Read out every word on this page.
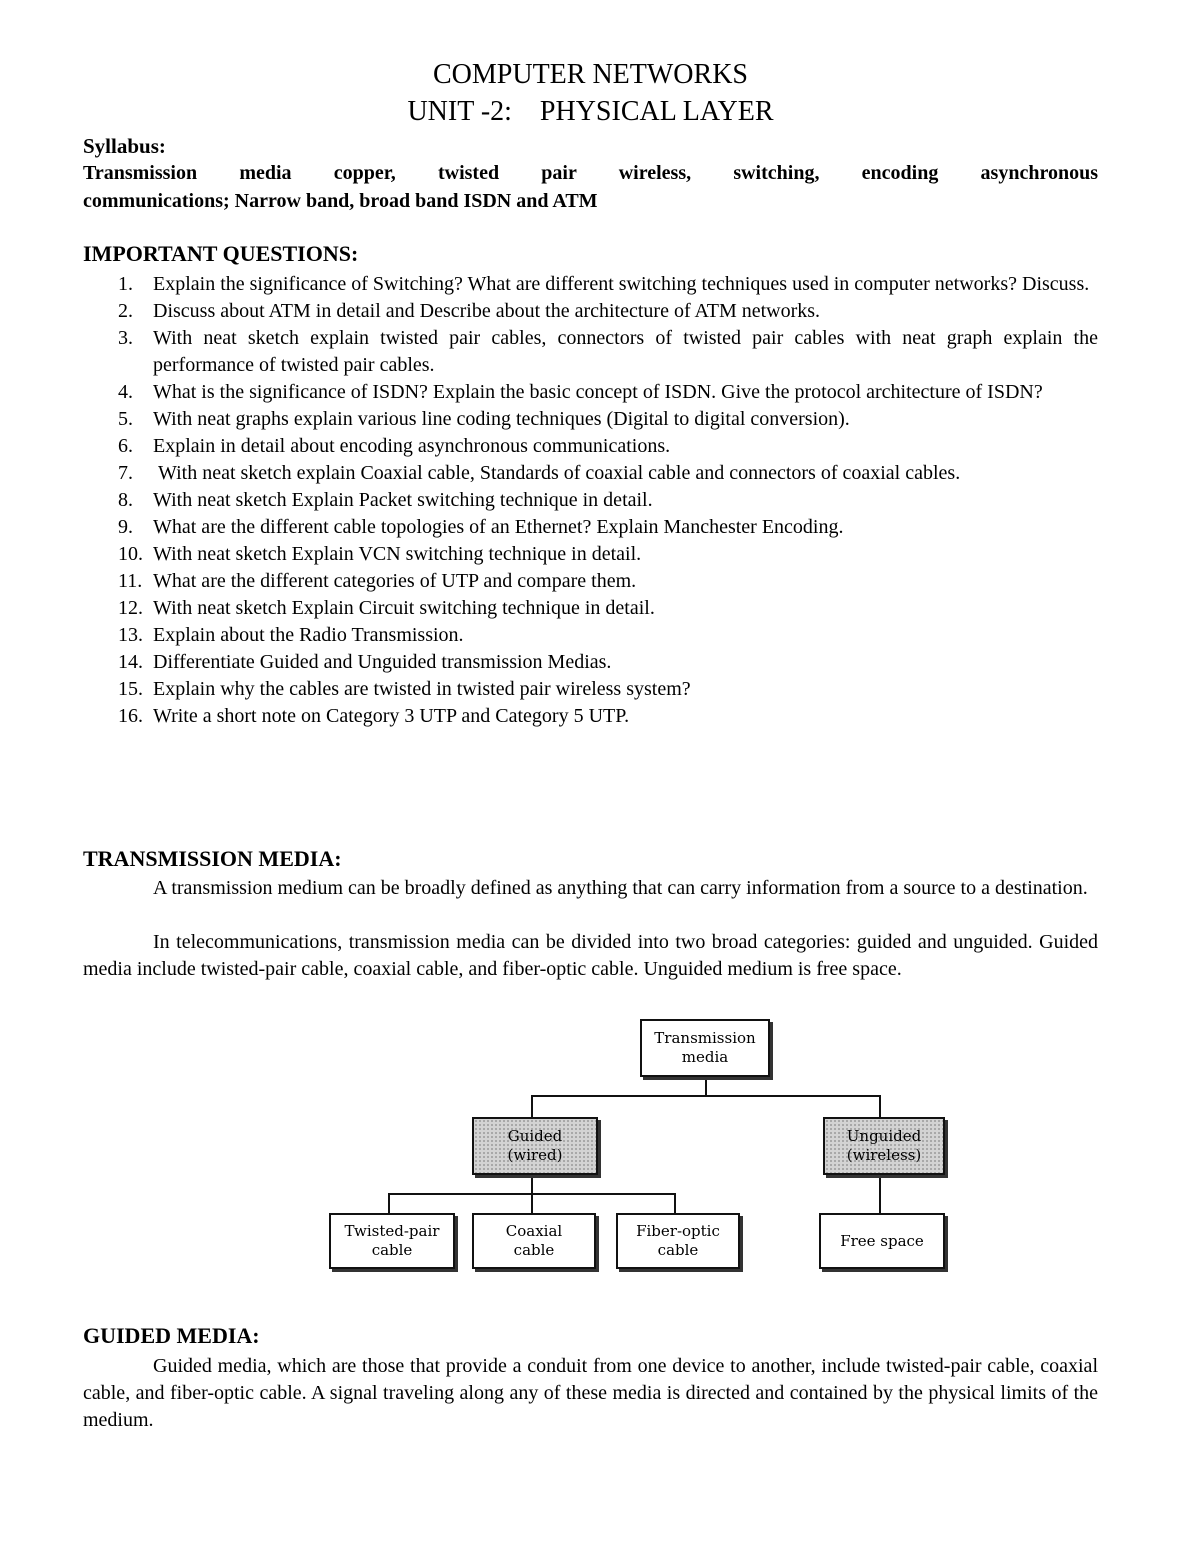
COMPUTER NETWORKS
UNIT -2:    PHYSICAL LAYER
Syllabus:
Transmission media copper, twisted pair wireless, switching, encoding asynchronous
communications; Narrow band, broad band ISDN and ATM
IMPORTANT QUESTIONS:
1.	Explain the significance of Switching? What are different switching techniques used in computer networks? Discuss.
2.	Discuss about ATM in detail and Describe about the architecture of ATM networks.
3.	With neat sketch explain twisted pair cables, connectors of twisted pair cables with neat graph explain the performance of twisted pair cables.
4.	What is the significance of ISDN? Explain the basic concept of ISDN. Give the protocol architecture of ISDN?
5.	With neat graphs explain various line coding techniques (Digital to digital conversion).
6.	Explain in detail about encoding asynchronous communications.
7.	With neat sketch explain Coaxial cable, Standards of coaxial cable and connectors of coaxial cables.
8.	With neat sketch Explain Packet switching technique in detail.
9.	What are the different cable topologies of an Ethernet? Explain Manchester Encoding.
10. With neat sketch Explain VCN switching technique in detail.
11. What are the different categories of UTP and compare them.
12. With neat sketch Explain Circuit switching technique in detail.
13. Explain about the Radio Transmission.
14. Differentiate Guided and Unguided transmission Medias.
15. Explain why the cables are twisted in twisted pair wireless system?
16. Write a short note on Category 3 UTP and Category 5 UTP.
TRANSMISSION MEDIA:

A transmission medium can be broadly defined as anything that can carry information from a source to a destination.

In telecommunications, transmission media can be divided into two broad categories: guided and unguided. Guided media include twisted-pair cable, coaxial cable, and fiber-optic cable. Unguided medium is free space.

GUIDED MEDIA:

Guided media, which are those that provide a conduit from one device to another, include twisted-pair cable, coaxial cable, and fiber-optic cable. A signal traveling along any of these media is directed and contained by the physical limits of the medium.

Transmission
media
Guided
(wired)
Unguided
(wireless)
Twisted-pair
cable
Coaxial
cable
Fiber-optic
cable
Free space
